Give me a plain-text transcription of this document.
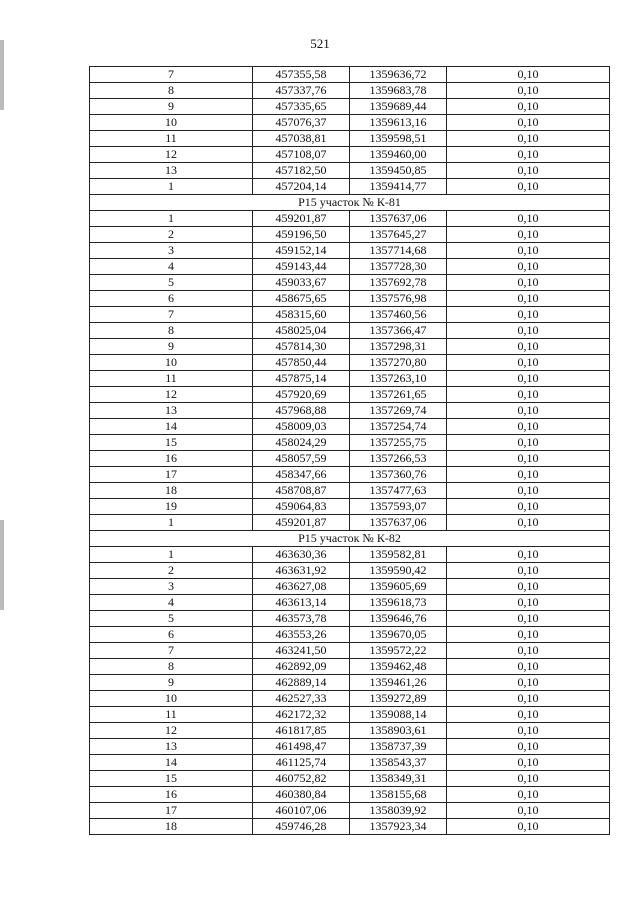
521
7	457355,58	1359636,72	0,10
8	457337,76	1359683,78	0,10
9	457335,65	1359689,44	0,10
10	457076,37	1359613,16	0,10
11	457038,81	1359598,51	0,10
12	457108,07	1359460,00	0,10
13	457182,50	1359450,85	0,10
1	457204,14	1359414,77	0,10
Р15 участок № К-81			
1	459201,87	1357637,06	0,10
2	459196,50	1357645,27	0,10
3	459152,14	1357714,68	0,10
4	459143,44	1357728,30	0,10
5	459033,67	1357692,78	0,10
6	458675,65	1357576,98	0,10
7	458315,60	1357460,56	0,10
8	458025,04	1357366,47	0,10
9	457814,30	1357298,31	0,10
10	457850,44	1357270,80	0,10
11	457875,14	1357263,10	0,10
12	457920,69	1357261,65	0,10
13	457968,88	1357269,74	0,10
14	458009,03	1357254,74	0,10
15	458024,29	1357255,75	0,10
16	458057,59	1357266,53	0,10
17	458347,66	1357360,76	0,10
18	458708,87	1357477,63	0,10
19	459064,83	1357593,07	0,10
1	459201,87	1357637,06	0,10
Р15 участок № К-82			
1	463630,36	1359582,81	0,10
2	463631,92	1359590,42	0,10
3	463627,08	1359605,69	0,10
4	463613,14	1359618,73	0,10
5	463573,78	1359646,76	0,10
6	463553,26	1359670,05	0,10
7	463241,50	1359572,22	0,10
8	462892,09	1359462,48	0,10
9	462889,14	1359461,26	0,10
10	462527,33	1359272,89	0,10
11	462172,32	1359088,14	0,10
12	461817,85	1358903,61	0,10
13	461498,47	1358737,39	0,10
14	461125,74	1358543,37	0,10
15	460752,82	1358349,31	0,10
16	460380,84	1358155,68	0,10
17	460107,06	1358039,92	0,10
18	459746,28	1357923,34	0,10
